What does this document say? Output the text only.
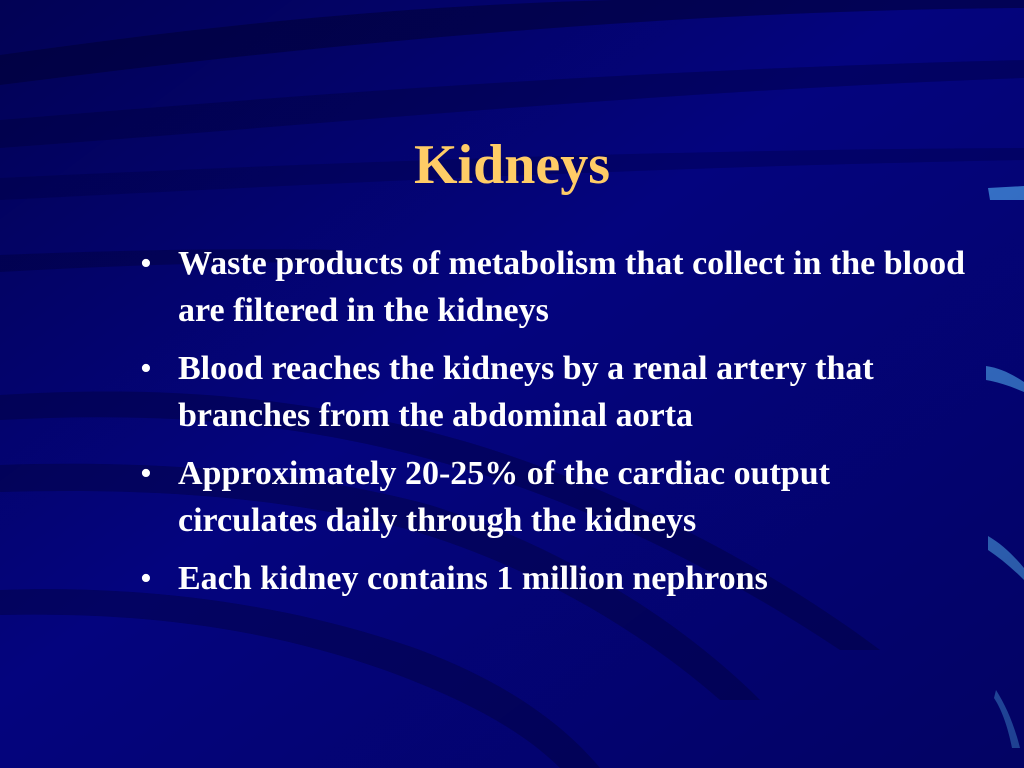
Kidneys
• Waste products of metabolism that collect in the blood are filtered in the kidneys
• Blood reaches the kidneys by a renal artery that branches from the abdominal aorta
• Approximately 20-25% of the cardiac output circulates daily through the kidneys
• Each kidney contains 1 million nephrons
